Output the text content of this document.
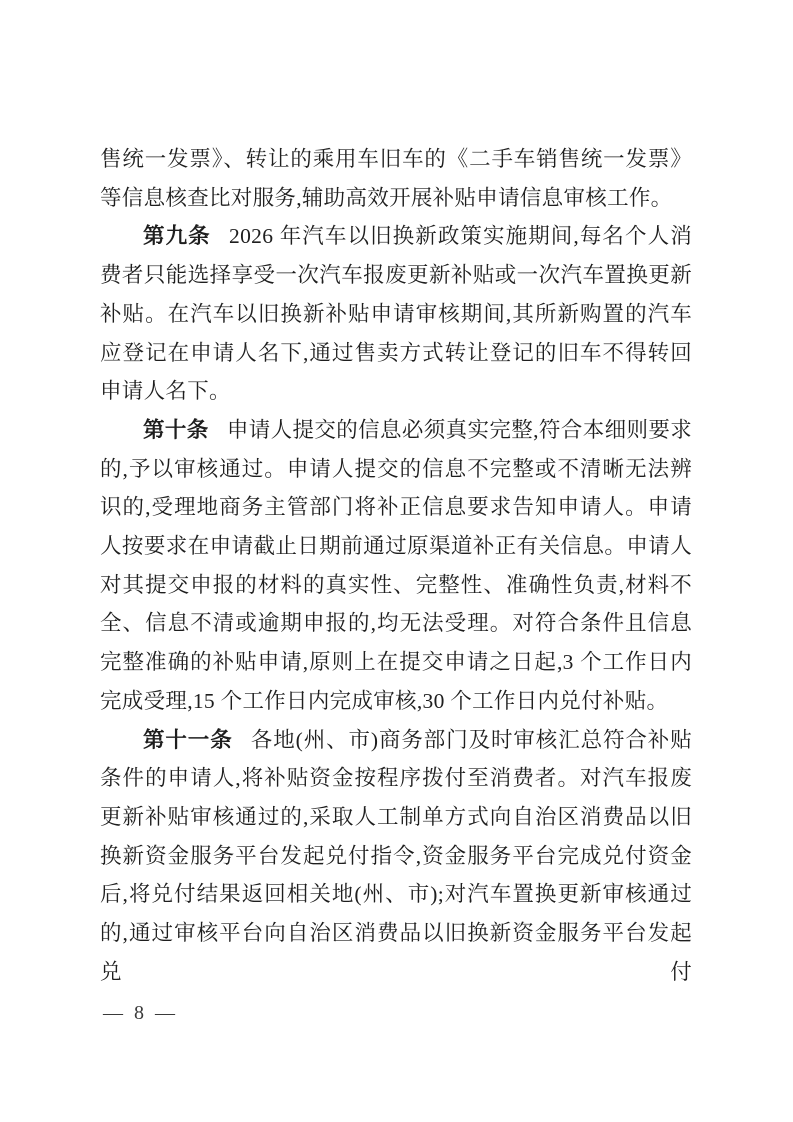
售统一发票》、转让的乘用车旧车的《二手车销售统一发票》等信息核查比对服务,辅助高效开展补贴申请信息审核工作。

第九条 2026 年汽车以旧换新政策实施期间,每名个人消费者只能选择享受一次汽车报废更新补贴或一次汽车置换更新补贴。在汽车以旧换新补贴申请审核期间,其所新购置的汽车应登记在申请人名下,通过售卖方式转让登记的旧车不得转回申请人名下。

第十条 申请人提交的信息必须真实完整,符合本细则要求的,予以审核通过。申请人提交的信息不完整或不清晰无法辨识的,受理地商务主管部门将补正信息要求告知申请人。申请人按要求在申请截止日期前通过原渠道补正有关信息。申请人对其提交申报的材料的真实性、完整性、准确性负责,材料不全、信息不清或逾期申报的,均无法受理。对符合条件且信息完整准确的补贴申请,原则上在提交申请之日起,3 个工作日内完成受理,15 个工作日内完成审核,30 个工作日内兑付补贴。

第十一条 各地(州、市)商务部门及时审核汇总符合补贴条件的申请人,将补贴资金按程序拨付至消费者。对汽车报废更新补贴审核通过的,采取人工制单方式向自治区消费品以旧换新资金服务平台发起兑付指令,资金服务平台完成兑付资金后,将兑付结果返回相关地(州、市);对汽车置换更新审核通过的,通过审核平台向自治区消费品以旧换新资金服务平台发起兑付

— 8 —
